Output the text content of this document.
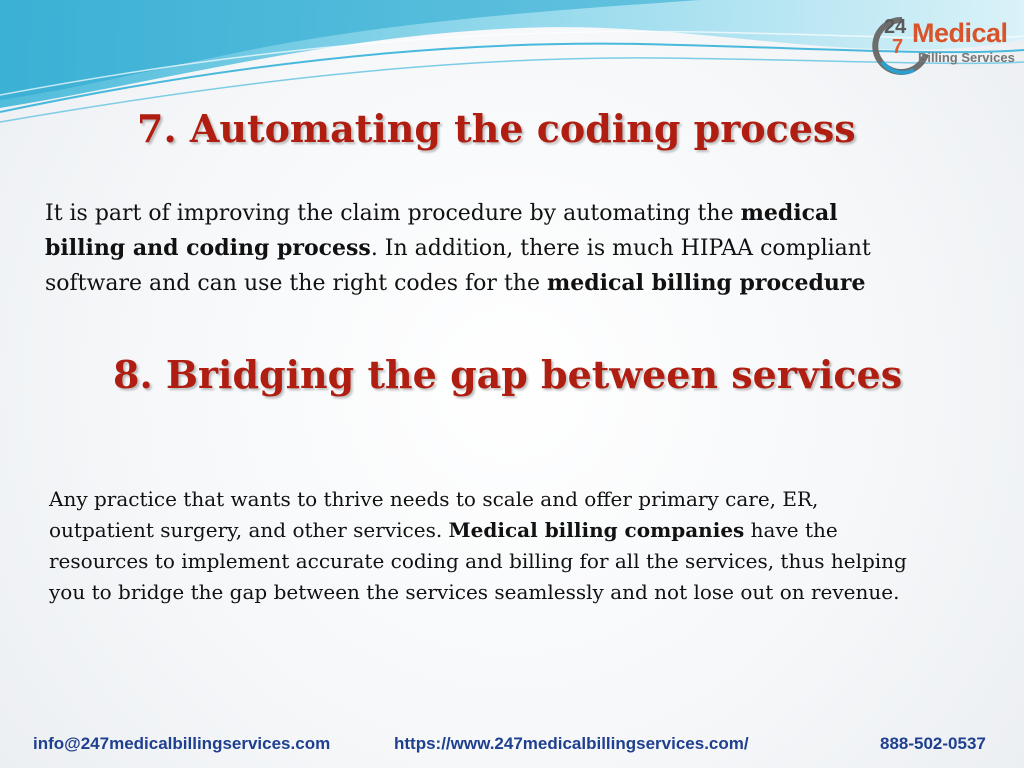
24
7 Medical
Billing Services
7. Automating the coding process
It is part of improving the claim procedure by automating the medical
billing and coding process. In addition, there is much HIPAA compliant
software and can use the right codes for the medical billing procedure
8. Bridging the gap between services
Any practice that wants to thrive needs to scale and offer primary care, ER,
outpatient surgery, and other services. Medical billing companies have the
resources to implement accurate coding and billing for all the services, thus helping
you to bridge the gap between the services seamlessly and not lose out on revenue.
info@247medicalbillingservices.com	https://www.247medicalbillingservices.com/	888-502-0537
